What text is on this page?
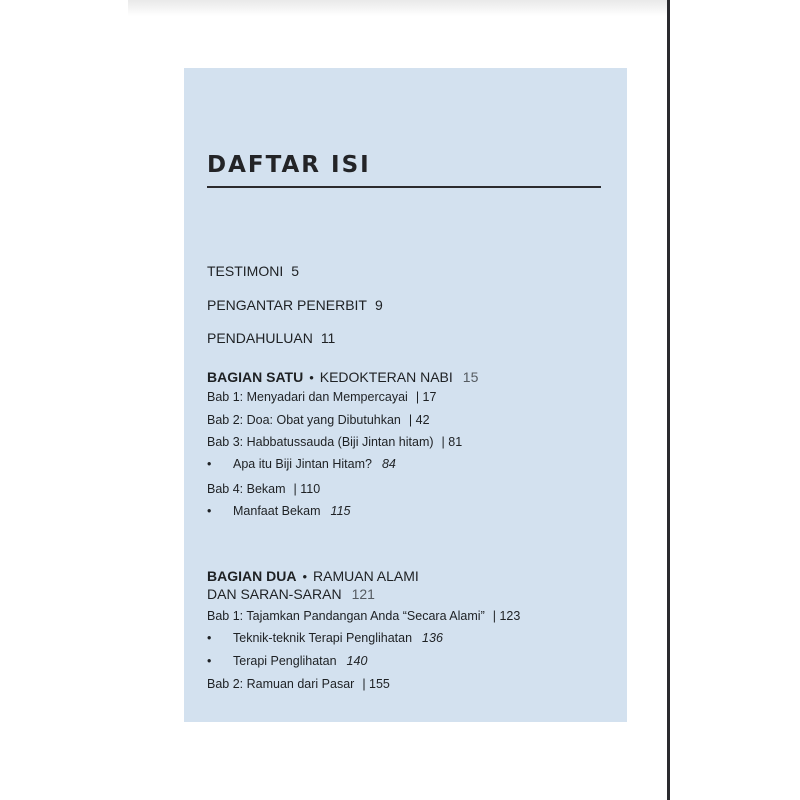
DAFTAR ISI
TESTIMONI 5
PENGANTAR PENERBIT 9
PENDAHULUAN 11
BAGIAN SATU • KEDOKTERAN NABI 15
Bab 1: Menyadari dan Mempercayai | 17
Bab 2: Doa: Obat yang Dibutuhkan | 42
Bab 3: Habbatussauda (Biji Jintan hitam) | 81
• Apa itu Biji Jintan Hitam? 84
Bab 4: Bekam | 110
• Manfaat Bekam 115
BAGIAN DUA • RAMUAN ALAMI
DAN SARAN-SARAN 121
Bab 1: Tajamkan Pandangan Anda “Secara Alami” | 123
• Teknik-teknik Terapi Penglihatan 136
• Terapi Penglihatan 140
Bab 2: Ramuan dari Pasar | 155
